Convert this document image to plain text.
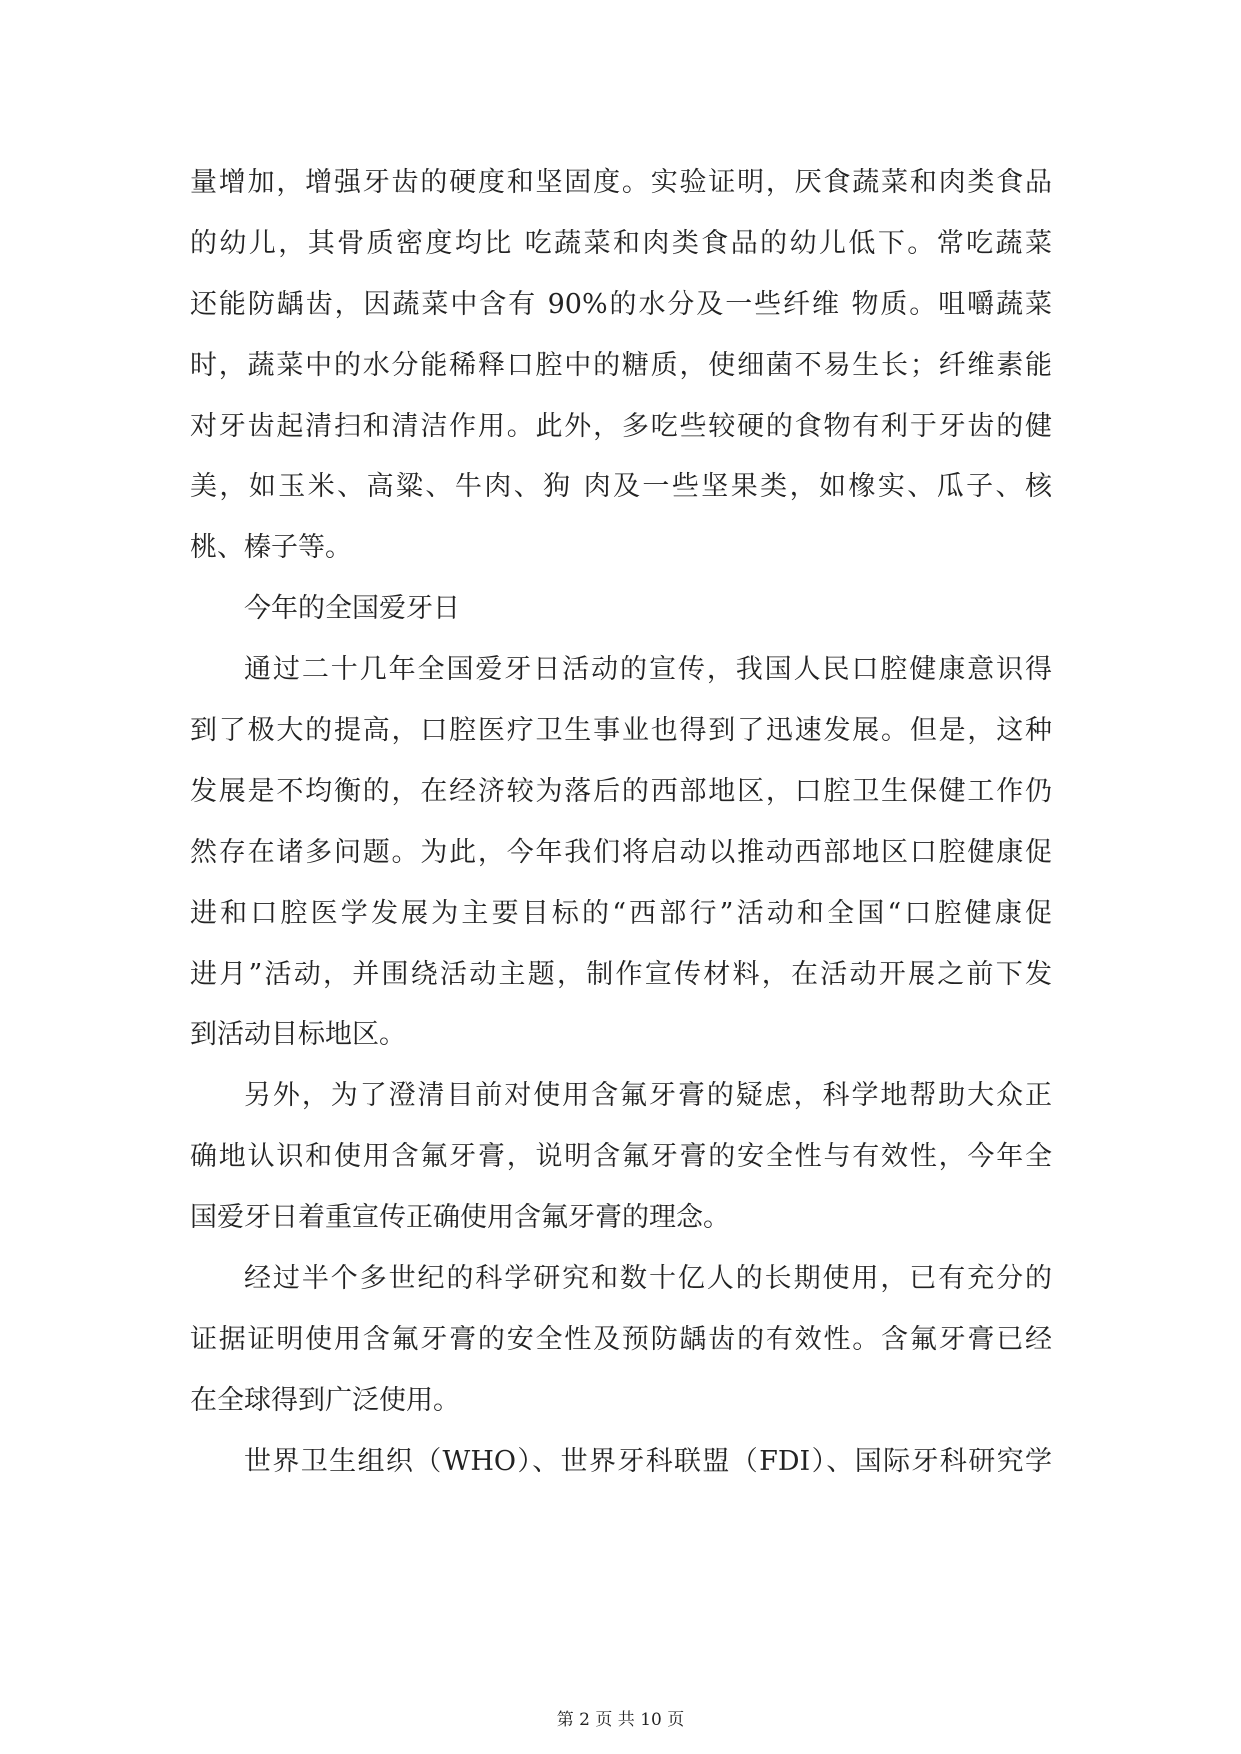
量增加，增强牙齿的硬度和坚固度。实验证明，厌食蔬菜和肉类食品
的幼儿，其骨质密度均比 吃蔬菜和肉类食品的幼儿低下。常吃蔬菜
还能防龋齿，因蔬菜中含有 90%的水分及一些纤维 物质。咀嚼蔬菜
时，蔬菜中的水分能稀释口腔中的糖质，使细菌不易生长；纤维素能
对牙齿起清扫和清洁作用。此外，多吃些较硬的食物有利于牙齿的健
美，如玉米、高粱、牛肉、狗 肉及一些坚果类，如橡实、瓜子、核
桃、榛子等。
今年的全国爱牙日
通过二十几年全国爱牙日活动的宣传，我国人民口腔健康意识得
到了极大的提高，口腔医疗卫生事业也得到了迅速发展。但是，这种
发展是不均衡的，在经济较为落后的西部地区，口腔卫生保健工作仍
然存在诸多问题。为此，今年我们将启动以推动西部地区口腔健康促
进和口腔医学发展为主要目标的“西部行”活动和全国“口腔健康促
进月”活动，并围绕活动主题，制作宣传材料，在活动开展之前下发
到活动目标地区。
另外，为了澄清目前对使用含氟牙膏的疑虑，科学地帮助大众正
确地认识和使用含氟牙膏，说明含氟牙膏的安全性与有效性，今年全
国爱牙日着重宣传正确使用含氟牙膏的理念。
经过半个多世纪的科学研究和数十亿人的长期使用，已有充分的
证据证明使用含氟牙膏的安全性及预防龋齿的有效性。含氟牙膏已经
在全球得到广泛使用。
世界卫生组织（WHO）、世界牙科联盟（FDI）、国际牙科研究学
第 2 页 共 10 页
